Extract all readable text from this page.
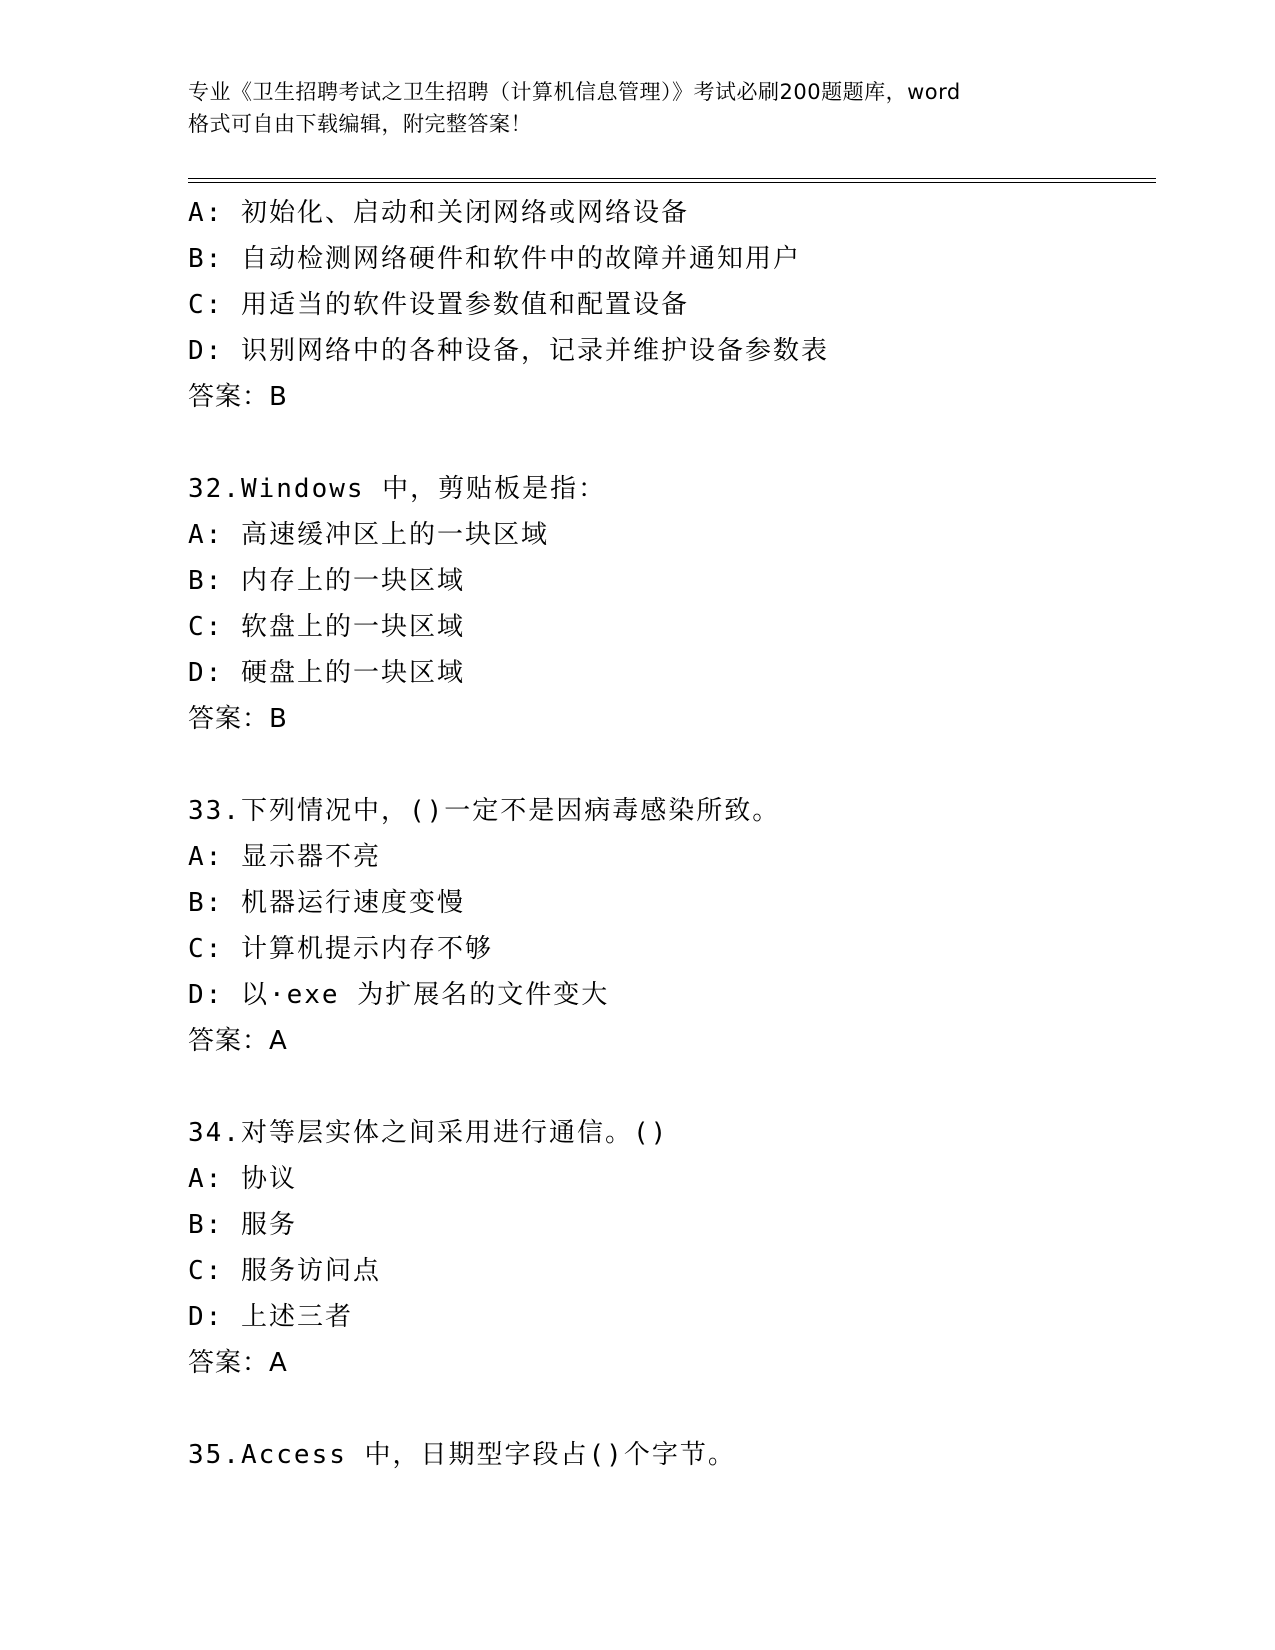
专业《卫生招聘考试之卫生招聘（计算机信息管理）》考试必刷200题题库，word
格式可自由下载编辑，附完整答案！
A: 初始化、启动和关闭网络或网络设备
B: 自动检测网络硬件和软件中的故障并通知用户
C: 用适当的软件设置参数值和配置设备
D: 识别网络中的各种设备，记录并维护设备参数表
答案：B
32.Windows 中，剪贴板是指：
A: 高速缓冲区上的一块区域
B: 内存上的一块区域
C: 软盘上的一块区域
D: 硬盘上的一块区域
答案：B
33.下列情况中，()一定不是因病毒感染所致。
A: 显示器不亮
B: 机器运行速度变慢
C: 计算机提示内存不够
D: 以·exe 为扩展名的文件变大
答案：A
34.对等层实体之间采用进行通信。()
A: 协议
B: 服务
C: 服务访问点
D: 上述三者
答案：A
35.Access 中，日期型字段占()个字节。
